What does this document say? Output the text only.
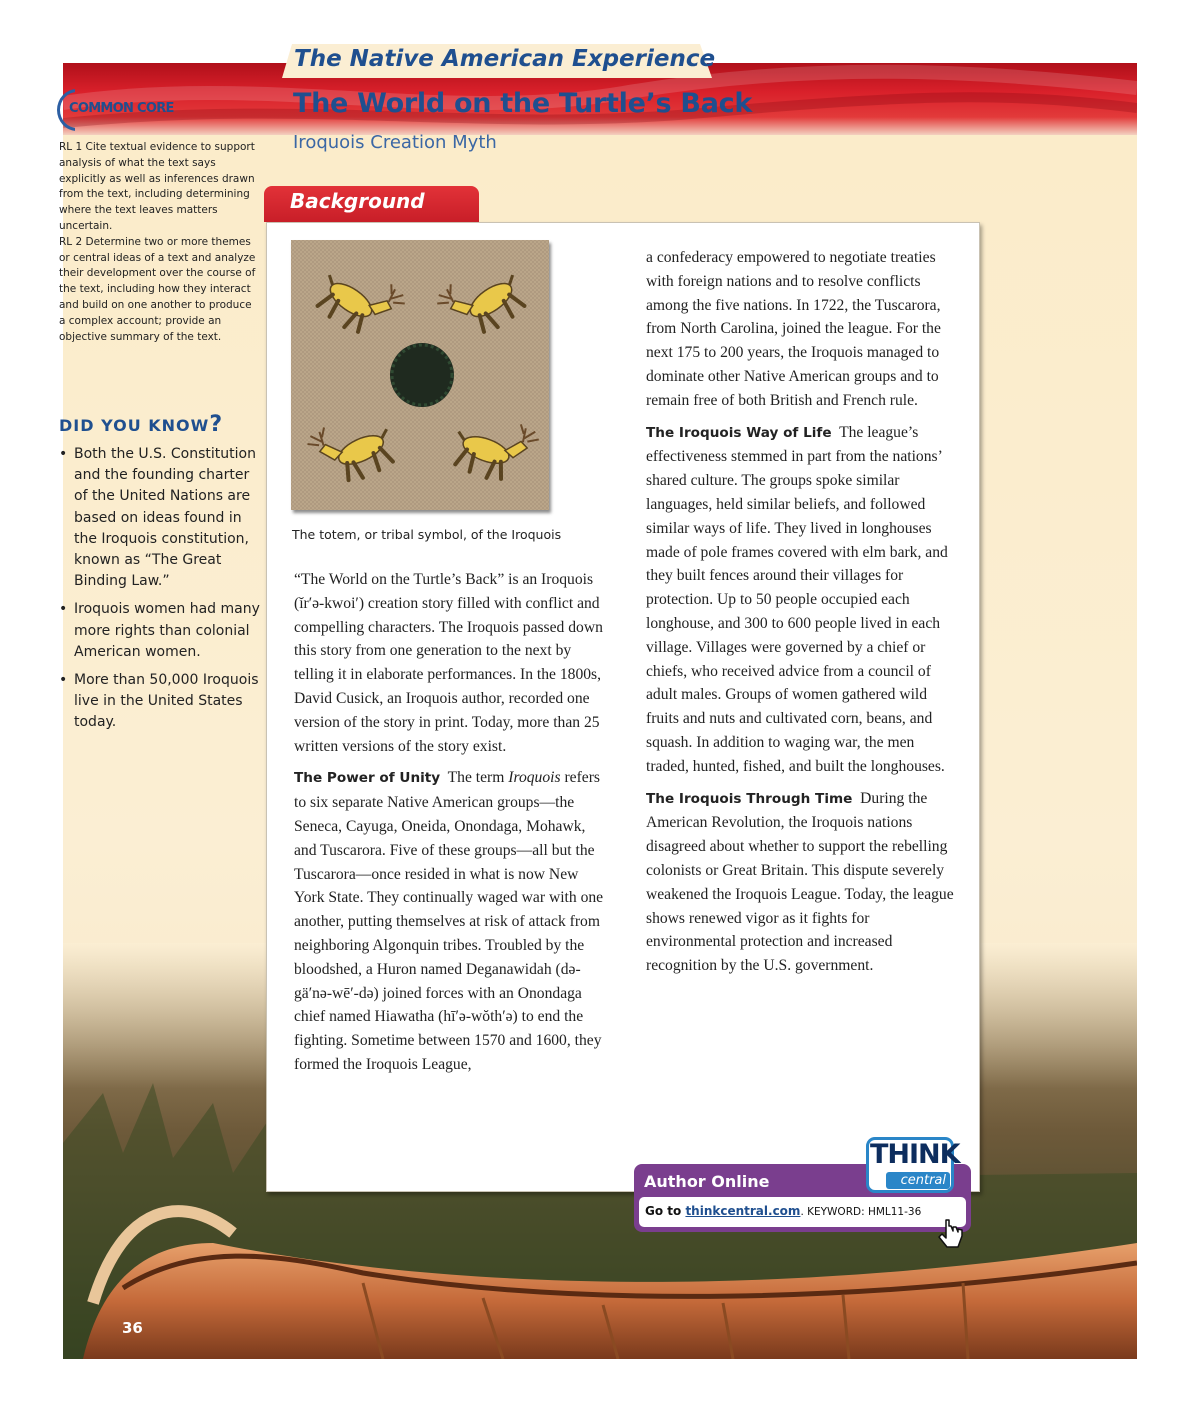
36
The Native American Experience
The World on the Turtle’s Back
Iroquois Creation Myth
COMMON CORE

RL 1 Cite textual evidence to support analysis of what the text says explicitly as well as inferences drawn from the text, including determining where the text leaves matters uncertain.

RL 2 Determine two or more themes or central ideas of a text and analyze their development over the course of the text, including how they interact and build on one another to produce a complex account; provide an objective summary of the text.

DID YOU KNOW?
• Both the U.S. Constitution and the founding charter of the United Nations are based on ideas found in the Iroquois constitution, known as “The Great Binding Law.”
• Iroquois women had many more rights than colonial American women.
• More than 50,000 Iroquois live in the United States today.
Background
The totem, or tribal symbol, of the Iroquois

“The World on the Turtle’s Back” is an Iroquois (ĭr′ə-kwoi′) creation story filled with conflict and compelling characters. The Iroquois passed down this story from one generation to the next by telling it in elaborate performances. In the 1800s, David Cusick, an Iroquois author, recorded one version of the story in print. Today, more than 25 written versions of the story exist.

The Power of Unity The term Iroquois refers to six separate Native American groups—the Seneca, Cayuga, Oneida, Onondaga, Mohawk, and Tuscarora. Five of these groups—all but the Tuscarora—once resided in what is now New York State. They continually waged war with one another, putting themselves at risk of attack from neighboring Algonquin tribes. Troubled by the bloodshed, a Huron named Deganawidah (də-gä′nə-wē′-də) joined forces with an Onondaga chief named Hiawatha (hī′ə-wŏth′ə) to end the fighting. Sometime between 1570 and 1600, they formed the Iroquois League,

a confederacy empowered to negotiate treaties with foreign nations and to resolve conflicts among the five nations. In 1722, the Tuscarora, from North Carolina, joined the league. For the next 175 to 200 years, the Iroquois managed to dominate other Native American groups and to remain free of both British and French rule.

The Iroquois Way of Life The league’s effectiveness stemmed in part from the nations’ shared culture. The groups spoke similar languages, held similar beliefs, and followed similar ways of life. They lived in longhouses made of pole frames covered with elm bark, and they built fences around their villages for protection. Up to 50 people occupied each longhouse, and 300 to 600 people lived in each village. Villages were governed by a chief or chiefs, who received advice from a council of adult males. Groups of women gathered wild fruits and nuts and cultivated corn, beans, and squash. In addition to waging war, the men traded, hunted, fished, and built the longhouses.

The Iroquois Through Time During the American Revolution, the Iroquois nations disagreed about whether to support the rebelling colonists or Great Britain. This dispute severely weakened the Iroquois League. Today, the league shows renewed vigor as it fights for environmental protection and increased recognition by the U.S. government.

Author Online
Go to thinkcentral.com. KEYWORD: HML11-36
THINK
central
